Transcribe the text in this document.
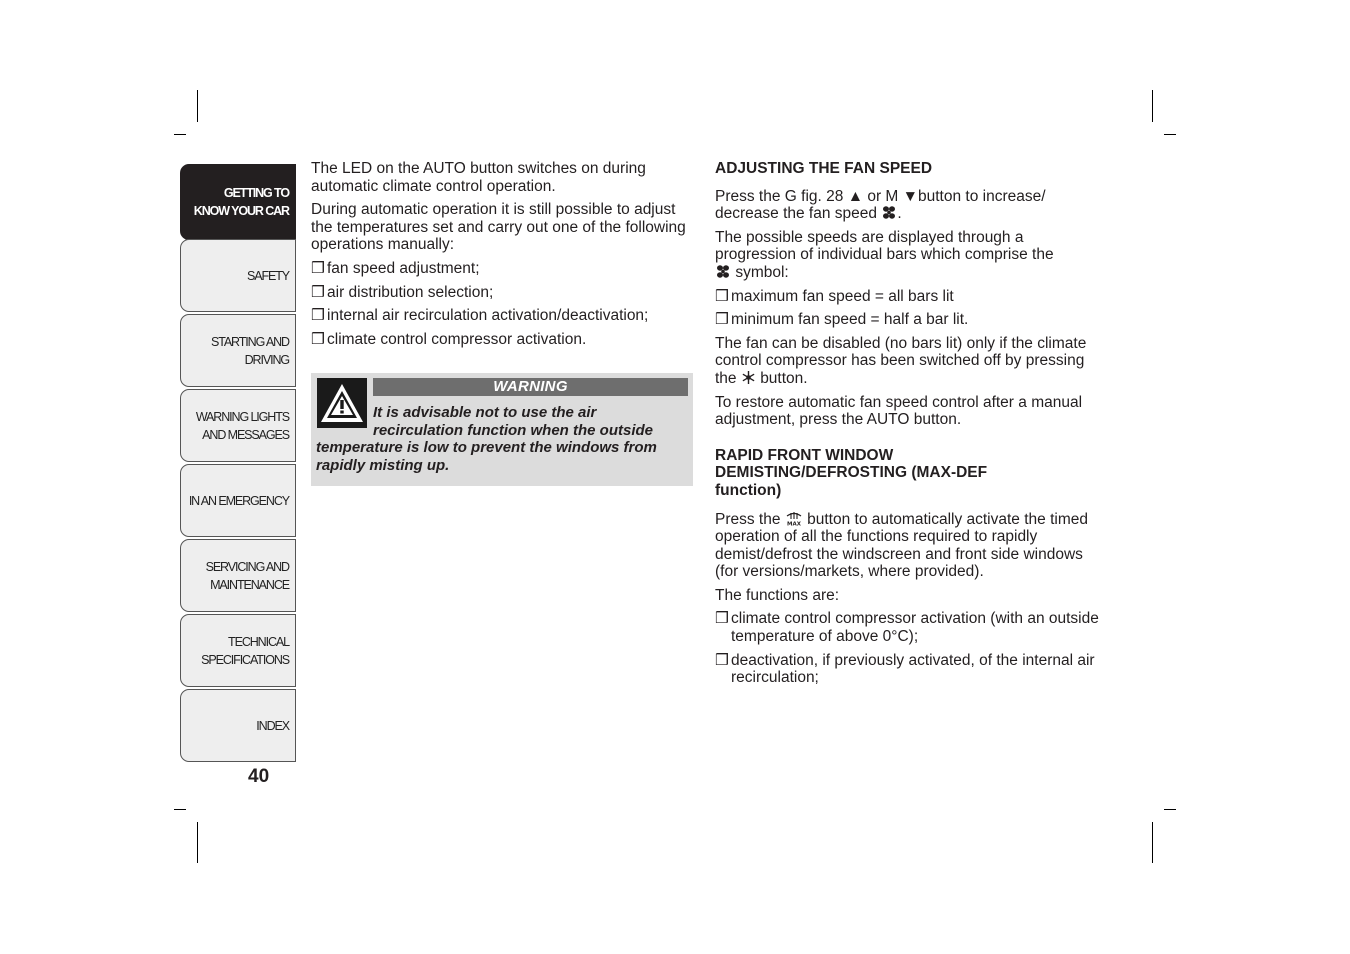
GETTING TO
KNOW YOUR CAR
SAFETY
STARTING AND
DRIVING
WARNING LIGHTS
AND MESSAGES
IN AN EMERGENCY
SERVICING AND
MAINTENANCE
TECHNICAL
SPECIFICATIONS
INDEX
40

The LED on the AUTO button switches on during automatic climate control operation.

During automatic operation it is still possible to adjust the temperatures set and carry out one of the following operations manually:

❒ fan speed adjustment;
❒ air distribution selection;
❒ internal air recirculation activation/deactivation;
❒ climate control compressor activation.
WARNING
It is advisable not to use the air recirculation function when the outside temperature is low to prevent the windows from rapidly misting up.
ADJUSTING THE FAN SPEED

Press the G fig. 28 ▲ or M ▼button to increase/ decrease the fan speed .

The possible speeds are displayed through a progression of individual bars which comprise the
symbol:

❒ maximum fan speed = all bars lit
❒ minimum fan speed = half a bar lit.

The fan can be disabled (no bars lit) only if the climate control compressor has been switched off by pressing the button.

To restore automatic fan speed control after a manual adjustment, press the AUTO button.

RAPID FRONT WINDOW
DEMISTING/DEFROSTING (MAX-DEF
function)

Press the MAX button to automatically activate the timed operation of all the functions required to rapidly demist/defrost the windscreen and front side windows (for versions/markets, where provided).

The functions are:

❒ climate control compressor activation (with an outside temperature of above 0°C);
❒ deactivation, if previously activated, of the internal air recirculation;
